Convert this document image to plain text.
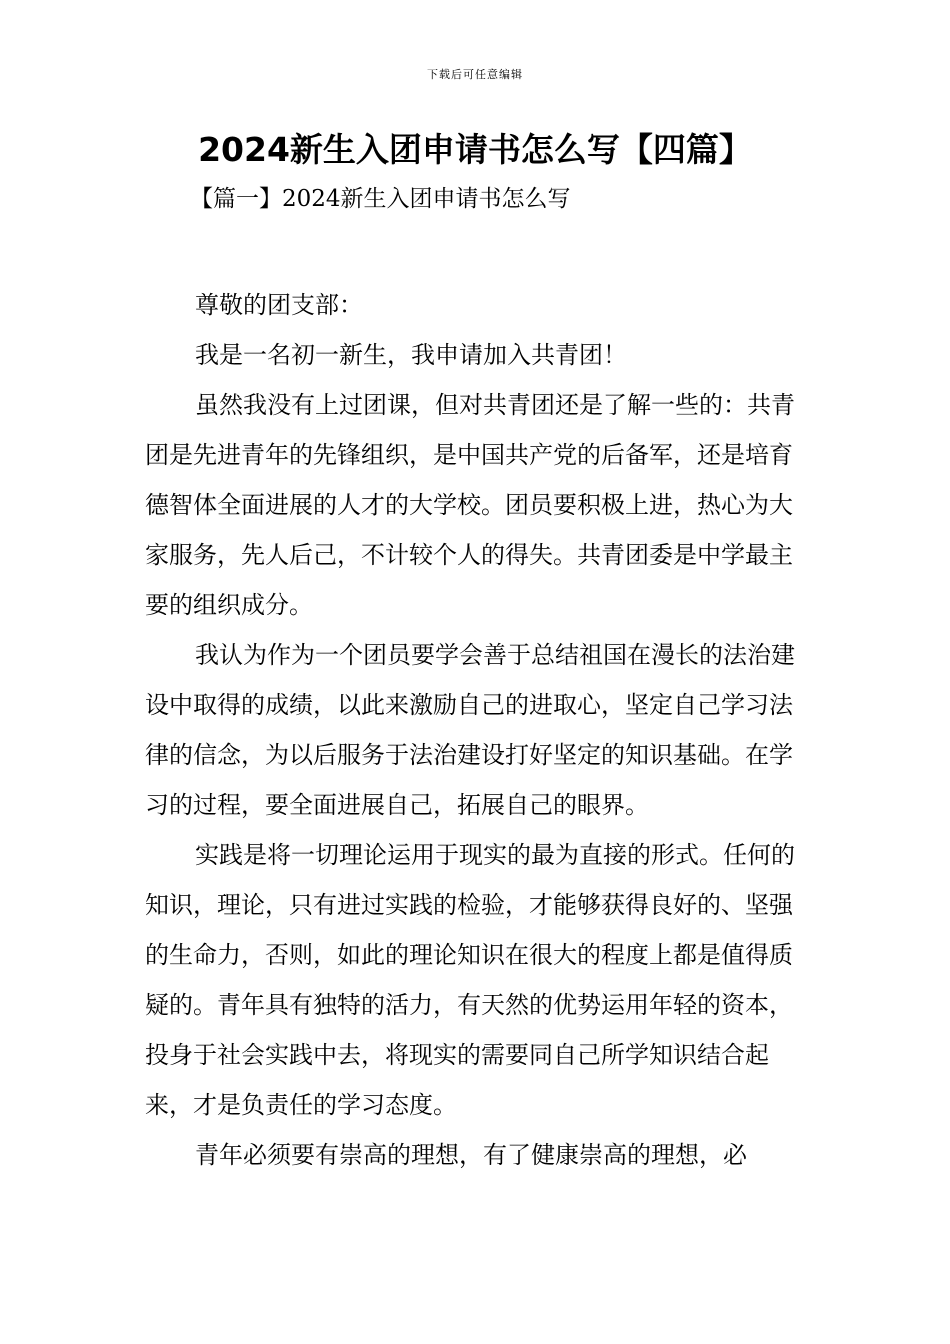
下载后可任意编辑
2024新生入团申请书怎么写【四篇】
【篇一】2024新生入团申请书怎么写

尊敬的团支部：

我是一名初一新生，我申请加入共青团！

虽然我没有上过团课，但对共青团还是了解一些的：共青团是先进青年的先锋组织，是中国共产党的后备军，还是培育德智体全面进展的人才的大学校。团员要积极上进，热心为大家服务，先人后己，不计较个人的得失。共青团委是中学最主要的组织成分。

我认为作为一个团员要学会善于总结祖国在漫长的法治建设中取得的成绩，以此来激励自己的进取心，坚定自己学习法律的信念，为以后服务于法治建设打好坚定的知识基础。在学习的过程，要全面进展自己，拓展自己的眼界。

实践是将一切理论运用于现实的最为直接的形式。任何的知识，理论，只有进过实践的检验，才能够获得良好的、坚强的生命力，否则，如此的理论知识在很大的程度上都是值得质疑的。青年具有独特的活力，有天然的优势运用年轻的资本，投身于社会实践中去，将现实的需要同自己所学知识结合起来，才是负责任的学习态度。

青年必须要有崇高的理想，有了健康崇高的理想，必
